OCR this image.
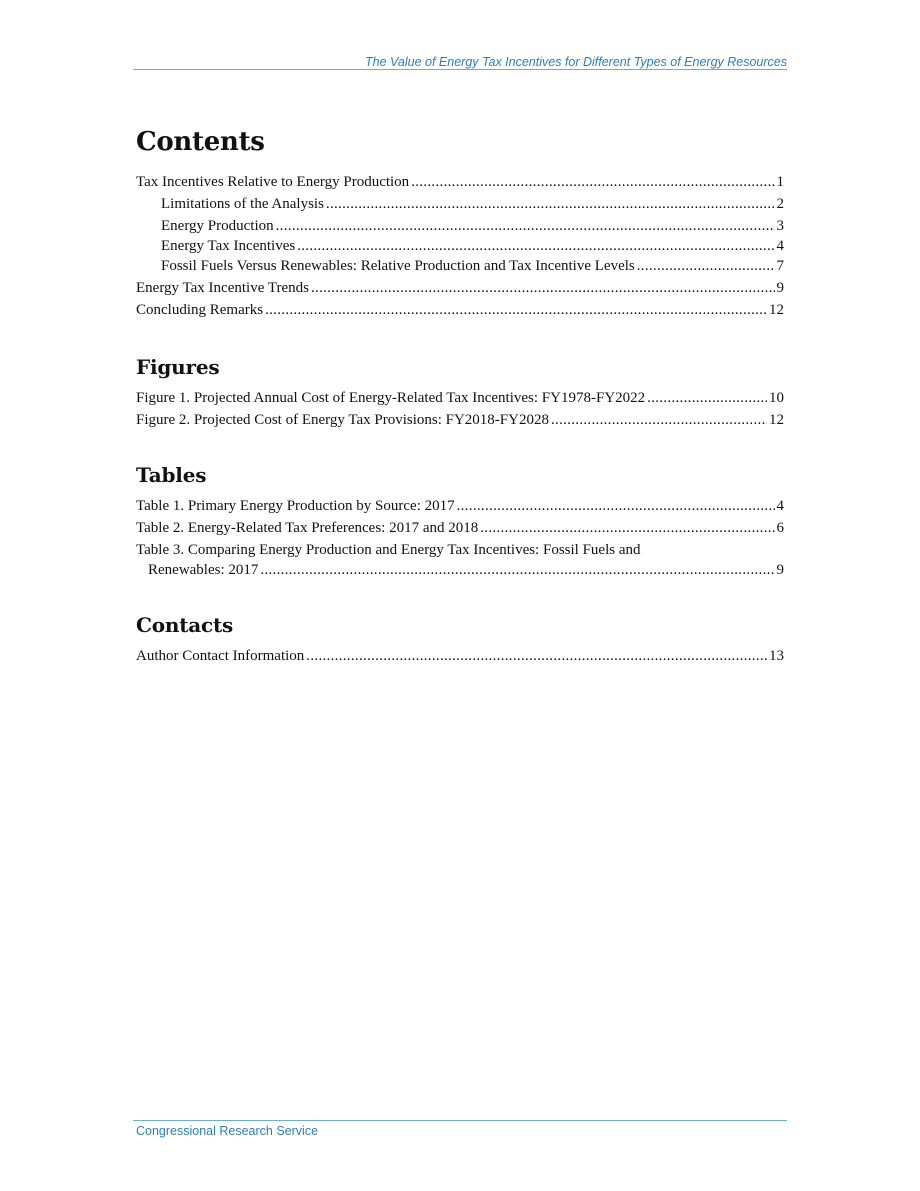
The Value of Energy Tax Incentives for Different Types of Energy Resources
Contents
Tax Incentives Relative to Energy Production .....	1
Limitations of the Analysis .....	2
Energy Production .....	3
Energy Tax Incentives .....	4
Fossil Fuels Versus Renewables: Relative Production and Tax Incentive Levels .....	7
Energy Tax Incentive Trends .....	9
Concluding Remarks .....	12
Figures
Figure 1. Projected Annual Cost of Energy-Related Tax Incentives: FY1978-FY2022 .....	10
Figure 2. Projected Cost of Energy Tax Provisions: FY2018-FY2028 .....	12
Tables
Table 1. Primary Energy Production by Source: 2017 .....	4
Table 2. Energy-Related Tax Preferences: 2017 and 2018 .....	6
Table 3. Comparing Energy Production and Energy Tax Incentives: Fossil Fuels and
Renewables: 2017 .....	9
Contacts
Author Contact Information .....	13
Congressional Research Service
